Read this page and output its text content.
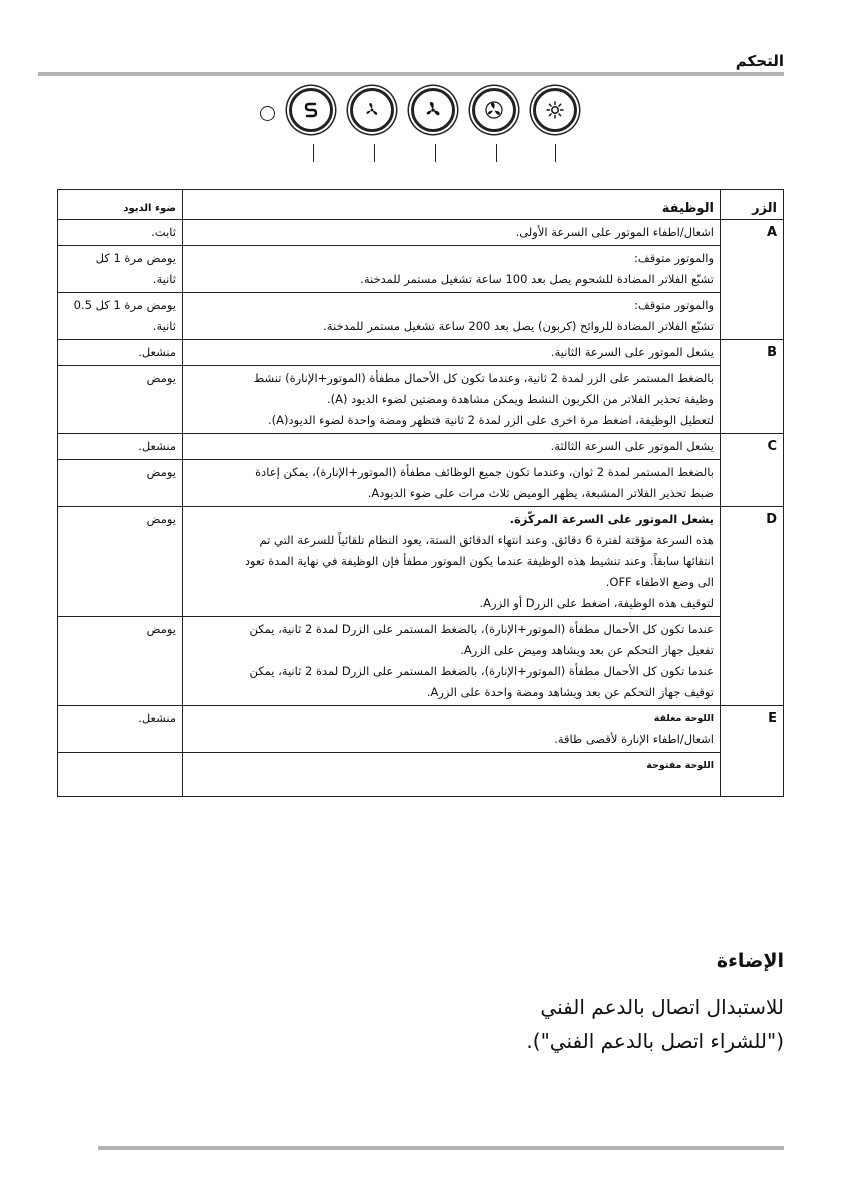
التحكم
الزر	الوظيفة	ضوء الديود
A	اشعال/اطفاء الموتور على السرعة الأولى.	ثابت.

	والموتور متوقف:
تشبّع الفلاتر المضادة للشحوم يصل بعد 100 ساعة تشغيل مستمر للمدخنة.	يومض مرة 1 كل
ثانية.

	والموتور متوقف:
تشبّع الفلاتر المضادة للروائح (كربون) يصل بعد 200 ساعة تشغيل مستمر للمدخنة.	يومض مرة 1 كل 0.5
ثانية.

B	يشعل الموتور على السرعة الثانية.	منشعل.

	بالضغط المستمر على الزر لمدة 2 ثانية، وعندما تكون كل الأحمال مطفأة (الموتور+الإنارة) تنشط
وظيفة تحذير الفلاتر من الكربون النشط ويمكن مشاهدة ومضتين لضوء الديود (A).
لتعطيل الوظيفة، اضغط مرة اخرى على الزر لمدة 2 ثانية فتظهر ومضة واحدة لضوء الديود(A).	يومض
C	يشعل الموتور على السرعة الثالثة.	منشعل.

	بالضغط المستمر لمدة 2 ثوان، وعندما تكون جميع الوظائف مطفأة (الموتور+الإنارة)، يمكن إعادة
ضبط تحذير الفلاتر المشبعة، يظهر الوميض ثلاث مرات على ضوء الديودA.	يومض
D	يشعل الموتور على السرعة المركّزة.
هذه السرعة مؤقتة لفترة 6 دقائق. وعند انتهاء الدقائق الستة، يعود النظام تلقائياً للسرعة التي تم
انتقائها سابقاً. وعند تنشيط هذه الوظيفة عندما يكون الموتور مطفأ فإن الوظيفة في نهاية المدة تعود
الى وضع الاطفاء OFF.
لتوقيف هذه الوظيفة، اضغط على الزرD أو الزرA.	يومض

	عندما تكون كل الأحمال مطفأة (الموتور+الإنارة)، بالضغط المستمر على الزرD لمدة 2 ثانية، يمكن
تفعيل جهاز التحكم عن بعد ويشاهد وميض على الزرA.
عندما تكون كل الأحمال مطفأة (الموتور+الإنارة)، بالضغط المستمر على الزرD لمدة 2 ثانية، يمكن
توقيف جهاز التحكم عن بعد ويشاهد ومضة واحدة على الزرA.	يومض
E	اللوحة مغلقة
اشعال/اطفاء الإنارة لأقصى طاقة.	منشعل.

	اللوحة مفتوحة	

الإضاءة
للاستبدال اتصال بالدعم الفني
("للشراء اتصل بالدعم الفني").
